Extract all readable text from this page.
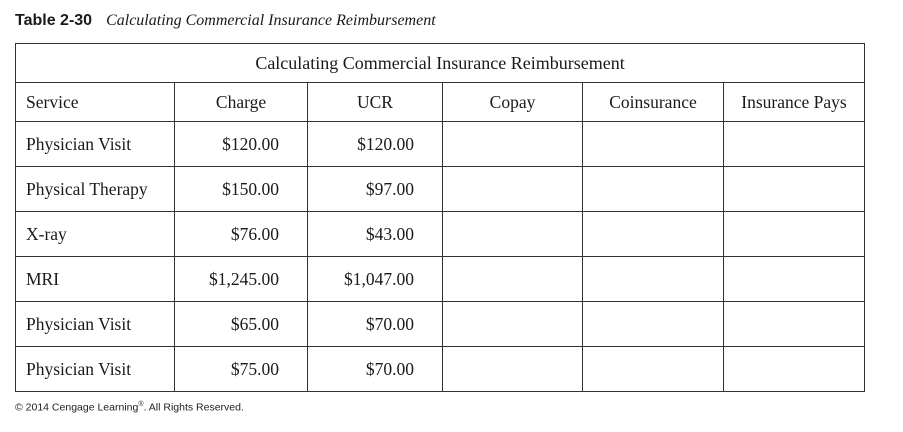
Table 2-30 Calculating Commercial Insurance Reimbursement
Calculating Commercial Insurance Reimbursement					
Service	Charge	UCR	Copay	Coinsurance	Insurance Pays
Physician Visit	$120.00	$120.00			
Physical Therapy	$150.00	$97.00			
X-ray	$76.00	$43.00			
MRI	$1,245.00	$1,047.00			
Physician Visit	$65.00	$70.00			
Physician Visit	$75.00	$70.00			
© 2014 Cengage Learning®. All Rights Reserved.
